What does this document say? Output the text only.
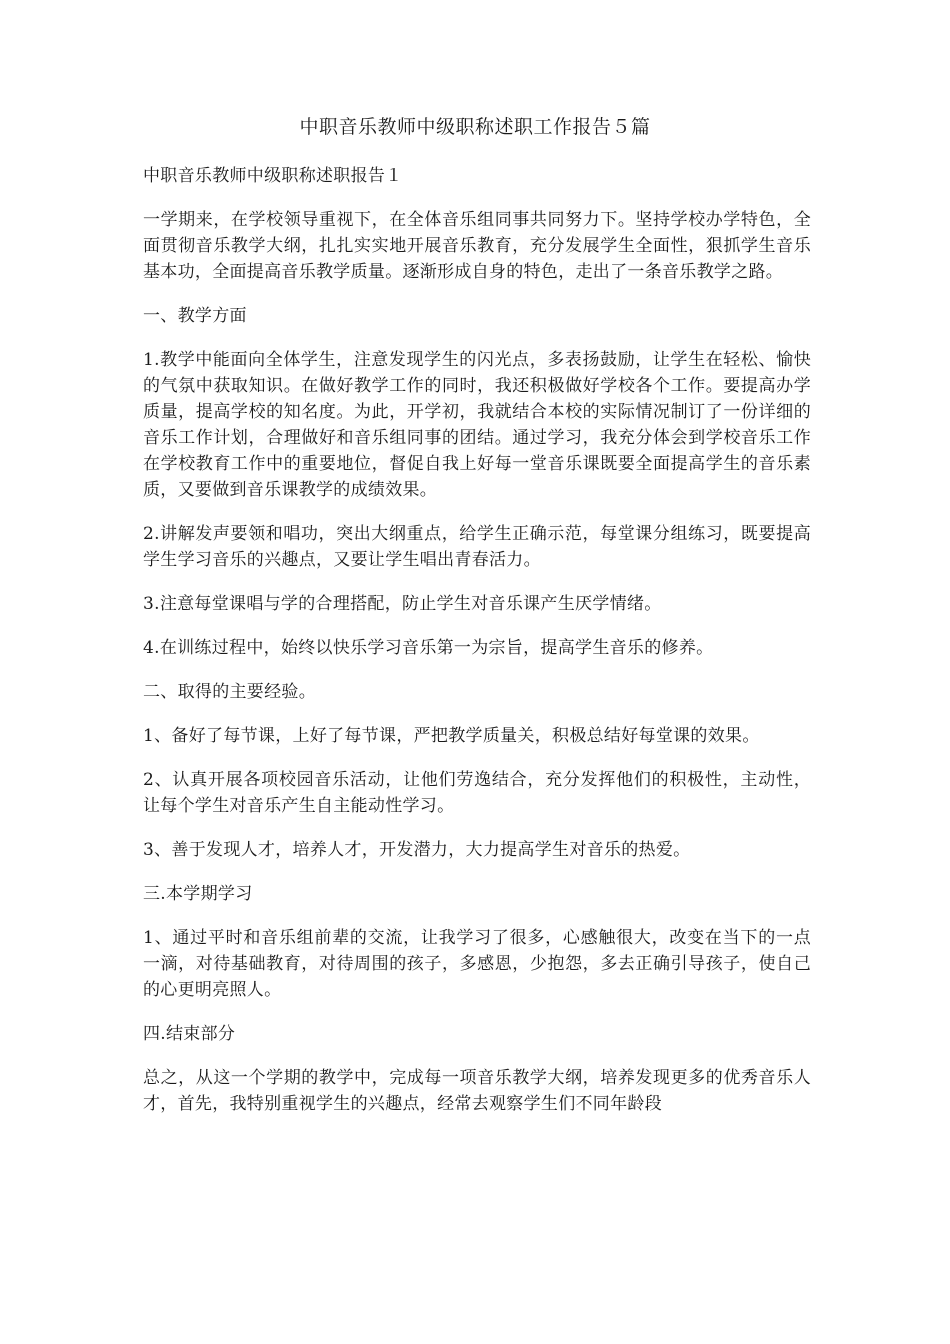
中职音乐教师中级职称述职工作报告５篇

中职音乐教师中级职称述职报告１

一学期来，在学校领导重视下，在全体音乐组同事共同努力下。坚持学校办学特色，全面贯彻音乐教学大纲，扎扎实实地开展音乐教育，充分发展学生全面性，狠抓学生音乐基本功，全面提高音乐教学质量。逐渐形成自身的特色，走出了一条音乐教学之路。

一、教学方面

1.教学中能面向全体学生，注意发现学生的闪光点，多表扬鼓励，让学生在轻松、愉快的气氛中获取知识。在做好教学工作的同时，我还积极做好学校各个工作。要提高办学质量，提高学校的知名度。为此，开学初，我就结合本校的实际情况制订了一份详细的音乐工作计划，合理做好和音乐组同事的团结。通过学习，我充分体会到学校音乐工作在学校教育工作中的重要地位，督促自我上好每一堂音乐课既要全面提高学生的音乐素质，又要做到音乐课教学的成绩效果。

2.讲解发声要领和唱功，突出大纲重点，给学生正确示范，每堂课分组练习，既要提高学生学习音乐的兴趣点，又要让学生唱出青春活力。

3.注意每堂课唱与学的合理搭配，防止学生对音乐课产生厌学情绪。

4.在训练过程中，始终以快乐学习音乐第一为宗旨，提高学生音乐的修养。

二、取得的主要经验。

1、备好了每节课，上好了每节课，严把教学质量关，积极总结好每堂课的效果。

2、认真开展各项校园音乐活动，让他们劳逸结合，充分发挥他们的积极性，主动性，让每个学生对音乐产生自主能动性学习。

3、善于发现人才，培养人才，开发潜力，大力提高学生对音乐的热爱。

三.本学期学习

1、通过平时和音乐组前辈的交流，让我学习了很多，心感触很大，改变在当下的一点一滴，对待基础教育，对待周围的孩子，多感恩，少抱怨，多去正确引导孩子，使自己的心更明亮照人。

四.结束部分

总之，从这一个学期的教学中，完成每一项音乐教学大纲，培养发现更多的优秀音乐人才，首先，我特别重视学生的兴趣点，经常去观察学生们不同年龄段
